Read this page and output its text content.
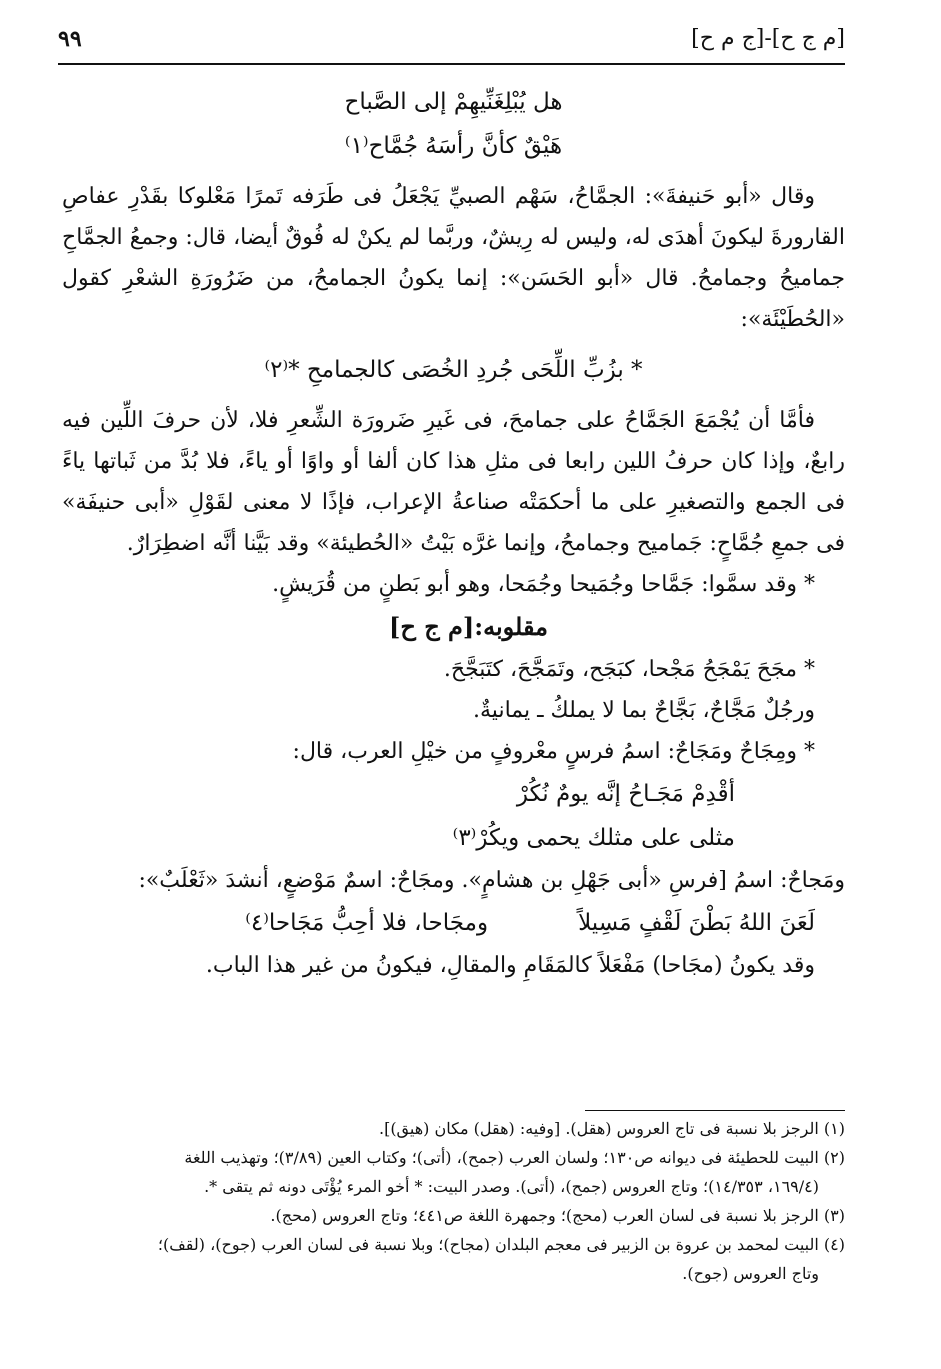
[ج م ح]-[م ج ح]
٩٩
هل يُبْلِغَنِّيهِمْ إلى الصَّباح
هَيْقٌ كأنَّ رأسَهُ جُمَّاح⁽١⁾

وقال «أبو حَنيفةَ»: الجمَّاحُ، سَهْم الصبيِّ يَجْعَلُ فى طَرَفه تَمرًا مَعْلوكا بقَدْرِ عفاصِ القارورةَ ليكونَ أهدَى له، وليس له رِيشٌ، وربَّما لم يكنْ له فُوقٌ أيضا، قال: وجمعُ الجمَّاحِ جماميحُ وجمامحُ. قال «أبو الحَسَن»: إنما يكونُ الجمامحُ، من ضَرُورَةِ الشعْرِ كقول «الحُطَيْئَة»:

* بزُبِّ اللِّحَى جُردِ الخُصَى كالجمامحِ *⁽٢⁾

فأمَّا أن يُجْمَعَ الجَمَّاحُ على جمامحَ، فى غَيرِ ضَرورَة الشِّعرِ فلا، لأن حرفَ اللِّين فيه رابعٌ، وإذا كان حرفُ اللين رابعا فى مثلِ هذا كان ألفا أو واوًا أو ياءً، فلا بُدَّ من ثَباتها ياءً فى الجمع والتصغيرِ على ما أحكمَتْه صناعةُ الإعراب، فإذًا لا معنى لقَوْلِ «أبى حنيفَة» فى جمعِ جُمَّاحٍ: جَماميح وجمامحُ، وإنما غرَّه بَيْتُ «الحُطيئة» وقد بَيَّنا أنَّه اضطِرَارٌ.

* وقد سمَّوا: جَمَّاحا وجُمَيحا وجُمَحا، وهو أبو بَطنٍ من قُرَيشٍ.

مقلوبه:[م ج ح]

* مجَحَ يَمْجَحُ مَجْحا، كبَجَح، وتَمَجَّحَ، كتَبَجَّحَ.

ورجُلٌ مَجَّاحٌ، بَجَّاحٌ بما لا يملكُ ـ يمانيةٌ.

* ومِجَاحٌ ومَجَاحٌ: اسمُ فرسٍ معْروفٍ من خيْلِ العرب، قال:

أقْدِمْ مَجَـاحُ إنَّه يومٌ نُكُرْ
مثلى على مثلك يحمى ويكُرْ⁽٣⁾

ومَجاحٌ: اسمُ [فرسِ «أبى جَهْلِ بن هشامٍ». ومجَاحٌ: اسمٌ مَوْضعٍ، أنشدَ «ثَعْلَبٌ»:

لَعَنَ اللهُ بَطْنَ لَقْفٍ مَسِيلاً
ومجَاحا، فلا أحِبُّ مَجَاحا⁽٤⁾

وقد يكونُ (مجَاحا) مَفْعَلاً كالمَقَامِ والمقالِ، فيكونُ من غير هذا الباب.

(١) الرجز بلا نسبة فى تاج العروس (هقل). [وفيه: (هقل) مكان (هيق)].
(٢) البيت للحطيئة فى ديوانه ص١٣٠؛ ولسان العرب (جمح)، (أتى)؛ وكتاب العين (٣/٨٩)؛ وتهذيب اللغة
(١٦٩/٤، ١٤/٣٥٣)؛ وتاج العروس (جمح)، (أتى). وصدر البيت: * أخو المرء يُؤْتَى دونه ثم يتقى *.
(٣) الرجز بلا نسبة فى لسان العرب (محج)؛ وجمهرة اللغة ص٤٤١؛ وتاج العروس (محج).
(٤) البيت لمحمد بن عروة بن الزبير فى معجم البلدان (مجاح)؛ وبلا نسبة فى لسان العرب (جوح)، (لقف)؛
وتاج العروس (جوح).
